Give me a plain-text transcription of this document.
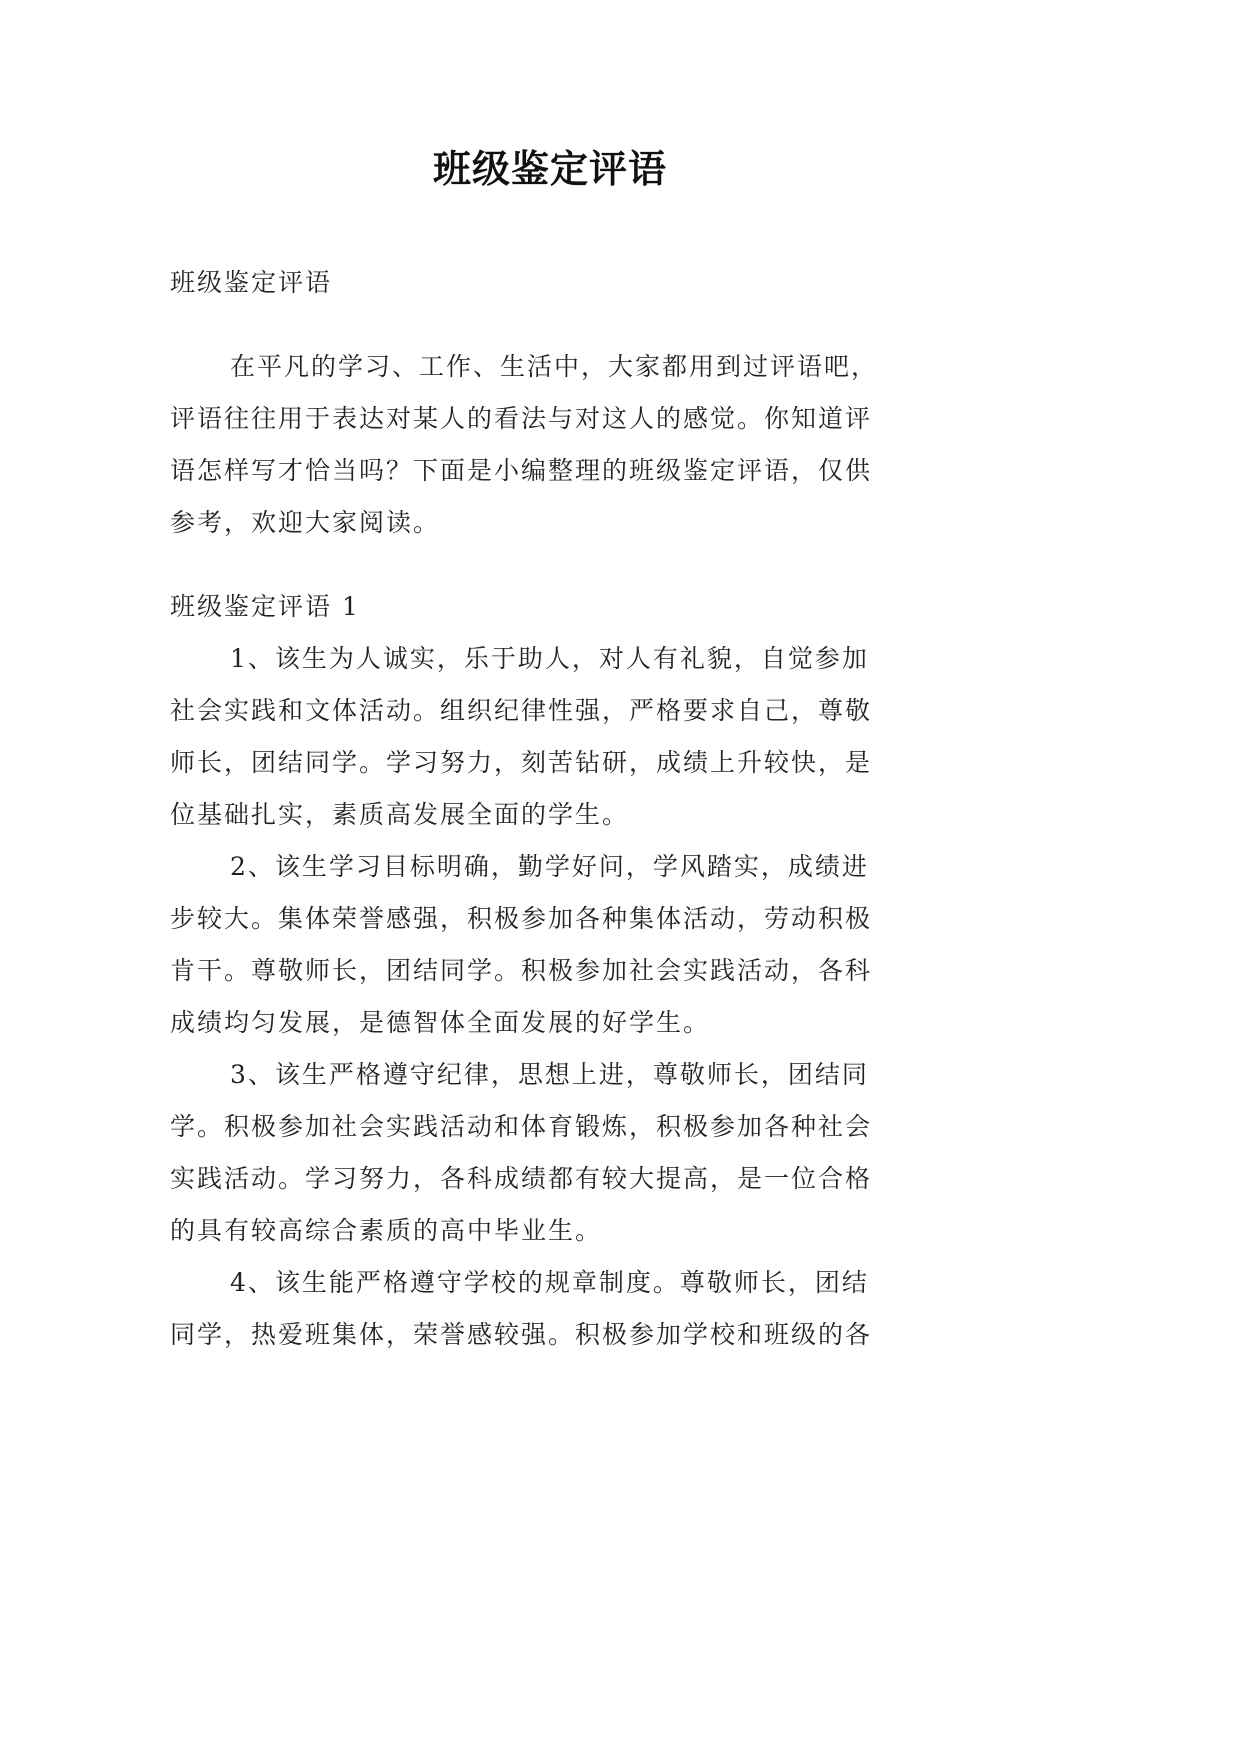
班级鉴定评语
班级鉴定评语
在平凡的学习、工作、生活中，大家都用到过评语吧，
评语往往用于表达对某人的看法与对这人的感觉。你知道评
语怎样写才恰当吗？下面是小编整理的班级鉴定评语，仅供
参考，欢迎大家阅读。
班级鉴定评语 1
1、该生为人诚实，乐于助人，对人有礼貌，自觉参加
社会实践和文体活动。组织纪律性强，严格要求自己，尊敬
师长，团结同学。学习努力，刻苦钻研，成绩上升较快，是
位基础扎实，素质高发展全面的学生。
2、该生学习目标明确，勤学好问，学风踏实，成绩进
步较大。集体荣誉感强，积极参加各种集体活动，劳动积极
肯干。尊敬师长，团结同学。积极参加社会实践活动，各科
成绩均匀发展，是德智体全面发展的好学生。
3、该生严格遵守纪律，思想上进，尊敬师长，团结同
学。积极参加社会实践活动和体育锻炼，积极参加各种社会
实践活动。学习努力，各科成绩都有较大提高，是一位合格
的具有较高综合素质的高中毕业生。
4、该生能严格遵守学校的规章制度。尊敬师长，团结
同学，热爱班集体，荣誉感较强。积极参加学校和班级的各
